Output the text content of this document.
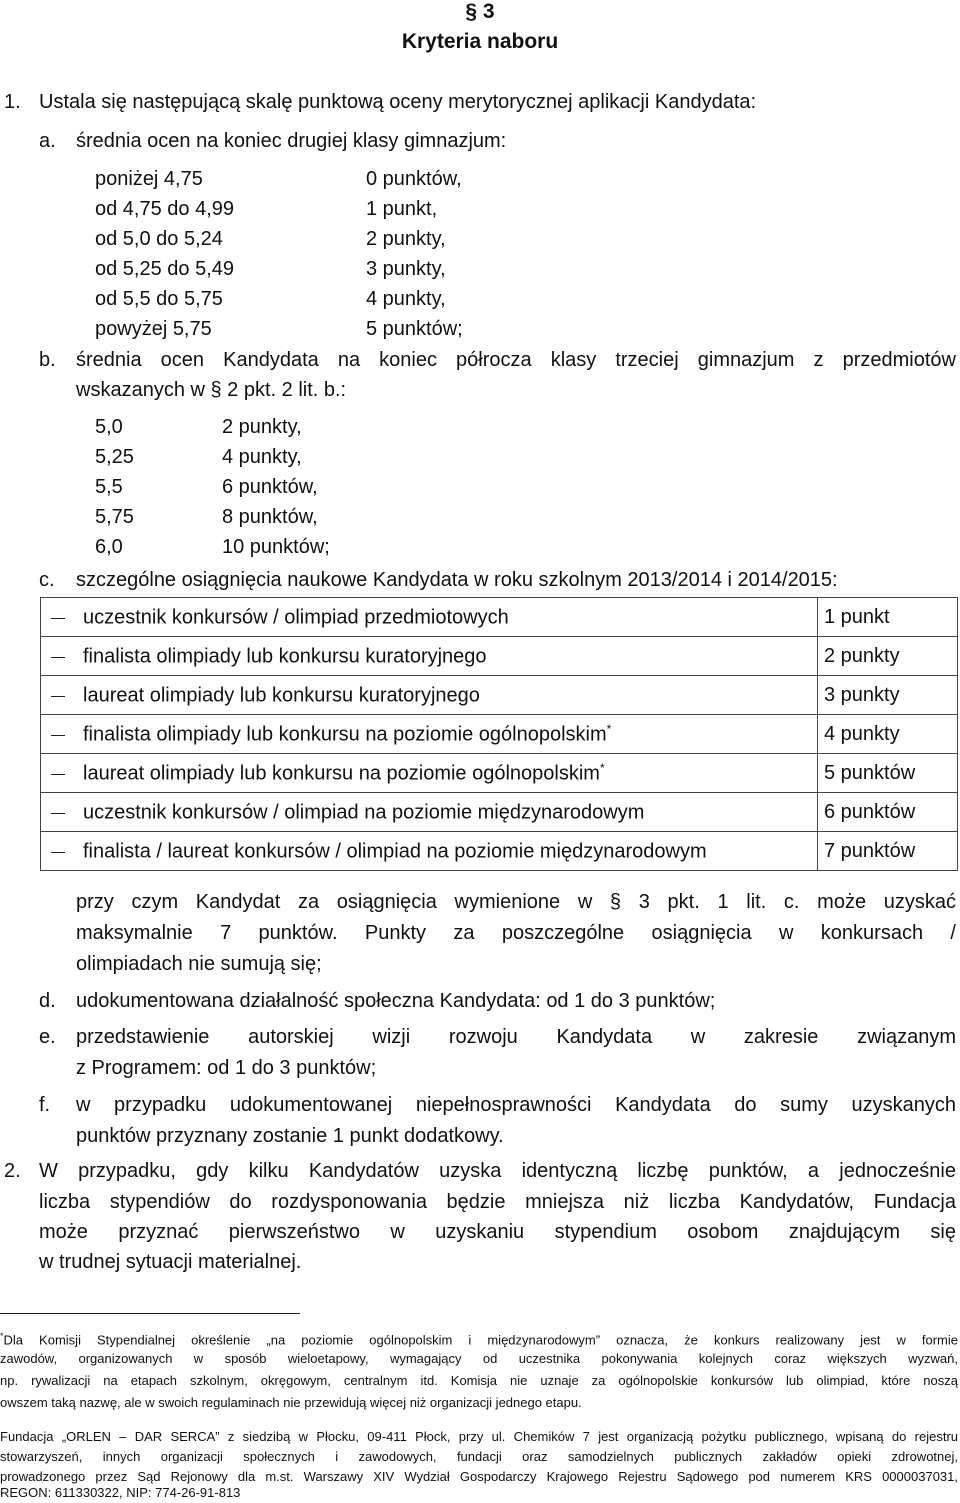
§ 3
Kryteria naboru
1. Ustala się następującą skalę punktową oceny merytorycznej aplikacji Kandydata:
a. średnia ocen na koniec drugiej klasy gimnazjum:
poniżej 4,75	0 punktów,
od 4,75 do 4,99	1 punkt,
od 5,0 do 5,24	2 punkty,
od 5,25 do 5,49	3 punkty,
od 5,5 do 5,75	4 punkty,
powyżej 5,75	5 punktów;
b. średnia ocen Kandydata na koniec półrocza klasy trzeciej gimnazjum z przedmiotów
wskazanych w § 2 pkt. 2 lit. b.:
5,0	2 punkty,
5,25	4 punkty,
5,5	6 punktów,
5,75	8 punktów,
6,0	10 punktów;
c. szczególne osiągnięcia naukowe Kandydata w roku szkolnym 2013/2014 i 2014/2015:
uczestnik konkursów / olimpiad przedmiotowych	1 punkt
finalista olimpiady lub konkursu kuratoryjnego	2 punkty
laureat olimpiady lub konkursu kuratoryjnego	3 punkty
finalista olimpiady lub konkursu na poziomie ogólnopolskim*	4 punkty
laureat olimpiady lub konkursu na poziomie ogólnopolskim*	5 punktów
uczestnik konkursów / olimpiad na poziomie międzynarodowym	6 punktów
finalista / laureat konkursów / olimpiad na poziomie międzynarodowym	7 punktów
przy czym Kandydat za osiągnięcia wymienione w § 3 pkt. 1 lit. c. może uzyskać
maksymalnie 7 punktów. Punkty za poszczególne osiągnięcia w konkursach /
olimpiadach nie sumują się;
d. udokumentowana działalność społeczna Kandydata: od 1 do 3 punktów;
e. przedstawienie autorskiej wizji rozwoju Kandydata w zakresie związanym
z Programem: od 1 do 3 punktów;
f. w przypadku udokumentowanej niepełnosprawności Kandydata do sumy uzyskanych
punktów przyznany zostanie 1 punkt dodatkowy.
2. W przypadku, gdy kilku Kandydatów uzyska identyczną liczbę punktów, a jednocześnie
liczba stypendiów do rozdysponowania będzie mniejsza niż liczba Kandydatów, Fundacja
może przyznać pierwszeństwo w uzyskaniu stypendium osobom znajdującym się
w trudnej sytuacji materialnej.
*Dla Komisji Stypendialnej określenie „na poziomie ogólnopolskim i międzynarodowym” oznacza, że konkurs realizowany jest w formie
zawodów, organizowanych w sposób wieloetapowy, wymagający od uczestnika pokonywania kolejnych coraz większych wyzwań,
np. rywalizacji na etapach szkolnym, okręgowym, centralnym itd. Komisja nie uznaje za ogólnopolskie konkursów lub olimpiad, które noszą
owszem taką nazwę, ale w swoich regulaminach nie przewidują więcej niż organizacji jednego etapu.
Fundacja „ORLEN – DAR SERCA” z siedzibą w Płocku, 09-411 Płock, przy ul. Chemików 7 jest organizacją pożytku publicznego, wpisaną do rejestru
stowarzyszeń, innych organizacji społecznych i zawodowych, fundacji oraz samodzielnych publicznych zakładów opieki zdrowotnej,
prowadzonego przez Sąd Rejonowy dla m.st. Warszawy XIV Wydział Gospodarczy Krajowego Rejestru Sądowego pod numerem KRS 0000037031,
REGON: 611330322, NIP: 774-26-91-813
